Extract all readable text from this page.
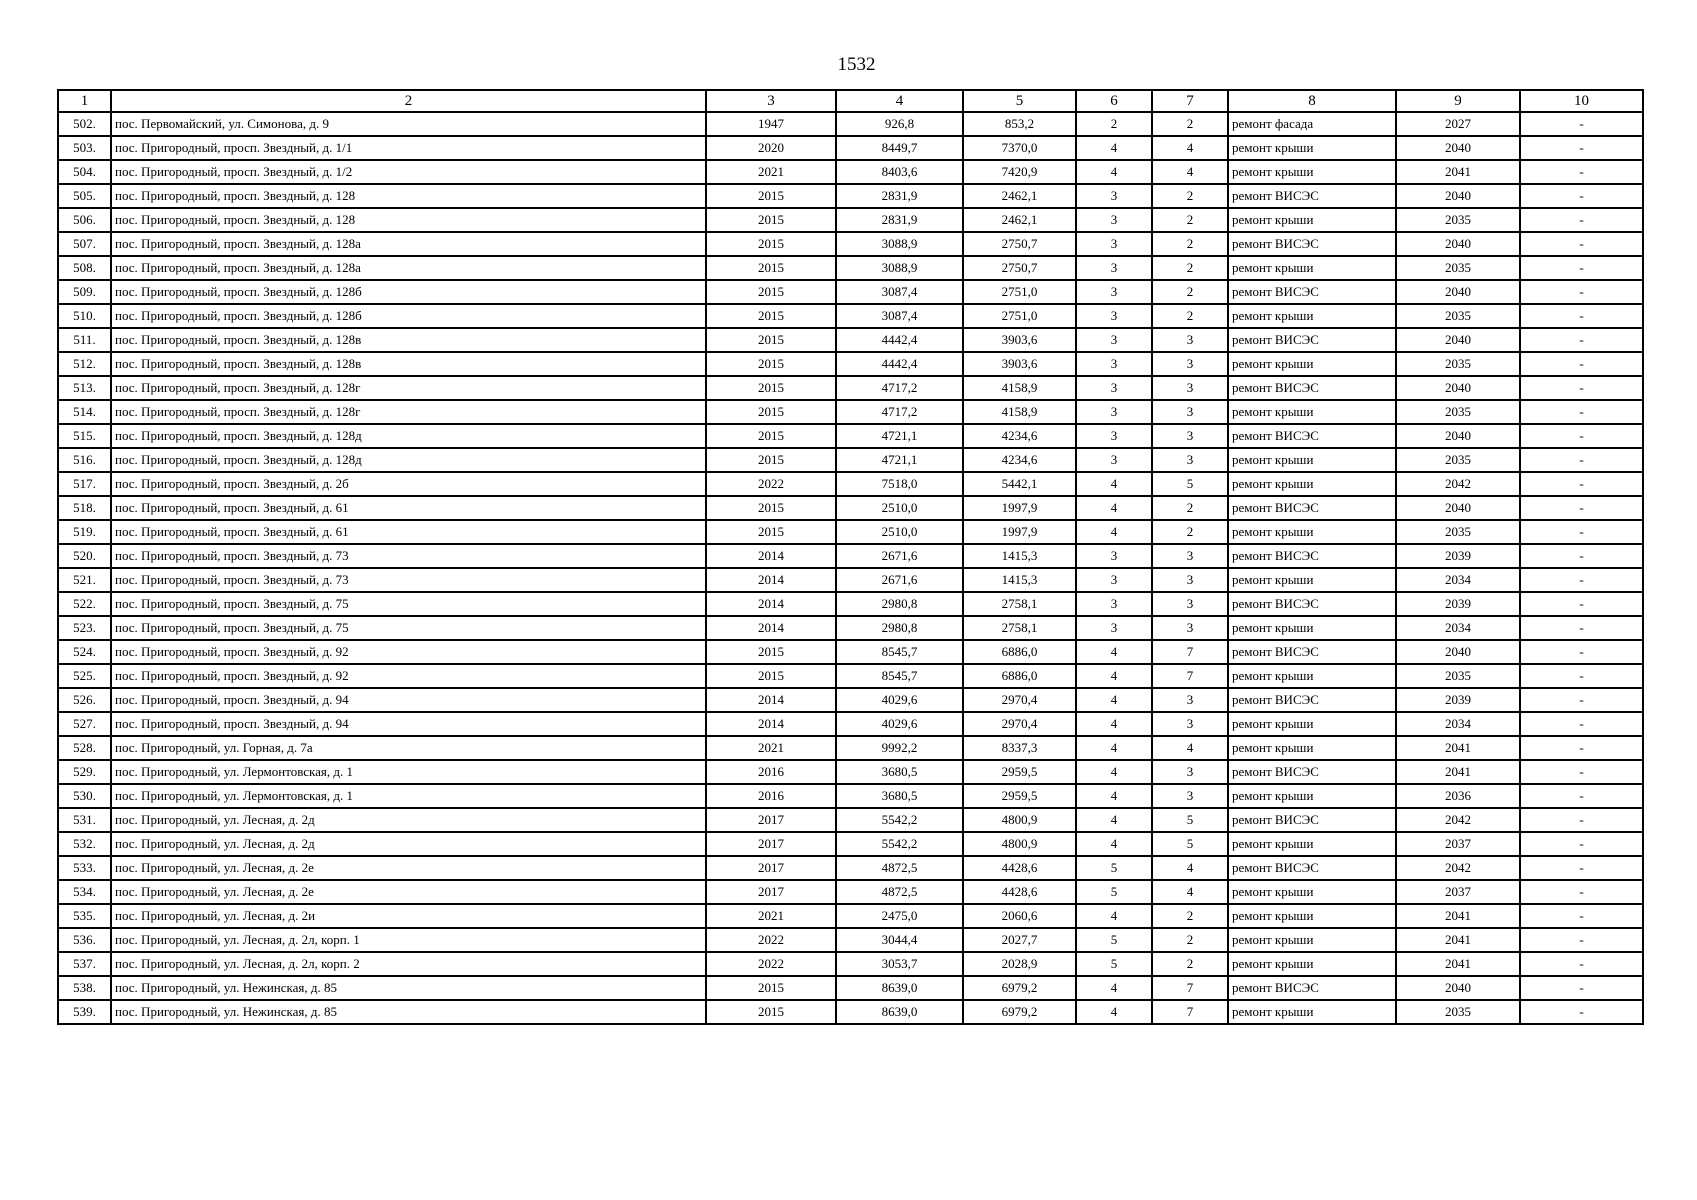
1532
1	2	3	4	5	6	7	8	9	10
502.	пос. Первомайский, ул. Симонова, д. 9	1947	926,8	853,2	2	2	ремонт фасада	2027	-
503.	пос. Пригородный, просп. Звездный, д. 1/1	2020	8449,7	7370,0	4	4	ремонт крыши	2040	-
504.	пос. Пригородный, просп. Звездный, д. 1/2	2021	8403,6	7420,9	4	4	ремонт крыши	2041	-
505.	пос. Пригородный, просп. Звездный, д. 128	2015	2831,9	2462,1	3	2	ремонт ВИСЭС	2040	-
506.	пос. Пригородный, просп. Звездный, д. 128	2015	2831,9	2462,1	3	2	ремонт крыши	2035	-
507.	пос. Пригородный, просп. Звездный, д. 128а	2015	3088,9	2750,7	3	2	ремонт ВИСЭС	2040	-
508.	пос. Пригородный, просп. Звездный, д. 128а	2015	3088,9	2750,7	3	2	ремонт крыши	2035	-
509.	пос. Пригородный, просп. Звездный, д. 128б	2015	3087,4	2751,0	3	2	ремонт ВИСЭС	2040	-
510.	пос. Пригородный, просп. Звездный, д. 128б	2015	3087,4	2751,0	3	2	ремонт крыши	2035	-
511.	пос. Пригородный, просп. Звездный, д. 128в	2015	4442,4	3903,6	3	3	ремонт ВИСЭС	2040	-
512.	пос. Пригородный, просп. Звездный, д. 128в	2015	4442,4	3903,6	3	3	ремонт крыши	2035	-
513.	пос. Пригородный, просп. Звездный, д. 128г	2015	4717,2	4158,9	3	3	ремонт ВИСЭС	2040	-
514.	пос. Пригородный, просп. Звездный, д. 128г	2015	4717,2	4158,9	3	3	ремонт крыши	2035	-
515.	пос. Пригородный, просп. Звездный, д. 128д	2015	4721,1	4234,6	3	3	ремонт ВИСЭС	2040	-
516.	пос. Пригородный, просп. Звездный, д. 128д	2015	4721,1	4234,6	3	3	ремонт крыши	2035	-
517.	пос. Пригородный, просп. Звездный, д. 2б	2022	7518,0	5442,1	4	5	ремонт крыши	2042	-
518.	пос. Пригородный, просп. Звездный, д. 61	2015	2510,0	1997,9	4	2	ремонт ВИСЭС	2040	-
519.	пос. Пригородный, просп. Звездный, д. 61	2015	2510,0	1997,9	4	2	ремонт крыши	2035	-
520.	пос. Пригородный, просп. Звездный, д. 73	2014	2671,6	1415,3	3	3	ремонт ВИСЭС	2039	-
521.	пос. Пригородный, просп. Звездный, д. 73	2014	2671,6	1415,3	3	3	ремонт крыши	2034	-
522.	пос. Пригородный, просп. Звездный, д. 75	2014	2980,8	2758,1	3	3	ремонт ВИСЭС	2039	-
523.	пос. Пригородный, просп. Звездный, д. 75	2014	2980,8	2758,1	3	3	ремонт крыши	2034	-
524.	пос. Пригородный, просп. Звездный, д. 92	2015	8545,7	6886,0	4	7	ремонт ВИСЭС	2040	-
525.	пос. Пригородный, просп. Звездный, д. 92	2015	8545,7	6886,0	4	7	ремонт крыши	2035	-
526.	пос. Пригородный, просп. Звездный, д. 94	2014	4029,6	2970,4	4	3	ремонт ВИСЭС	2039	-
527.	пос. Пригородный, просп. Звездный, д. 94	2014	4029,6	2970,4	4	3	ремонт крыши	2034	-
528.	пос. Пригородный, ул. Горная, д. 7а	2021	9992,2	8337,3	4	4	ремонт крыши	2041	-
529.	пос. Пригородный, ул. Лермонтовская, д. 1	2016	3680,5	2959,5	4	3	ремонт ВИСЭС	2041	-
530.	пос. Пригородный, ул. Лермонтовская, д. 1	2016	3680,5	2959,5	4	3	ремонт крыши	2036	-
531.	пос. Пригородный, ул. Лесная, д. 2д	2017	5542,2	4800,9	4	5	ремонт ВИСЭС	2042	-
532.	пос. Пригородный, ул. Лесная, д. 2д	2017	5542,2	4800,9	4	5	ремонт крыши	2037	-
533.	пос. Пригородный, ул. Лесная, д. 2е	2017	4872,5	4428,6	5	4	ремонт ВИСЭС	2042	-
534.	пос. Пригородный, ул. Лесная, д. 2е	2017	4872,5	4428,6	5	4	ремонт крыши	2037	-
535.	пос. Пригородный, ул. Лесная, д. 2и	2021	2475,0	2060,6	4	2	ремонт крыши	2041	-
536.	пос. Пригородный, ул. Лесная, д. 2л, корп. 1	2022	3044,4	2027,7	5	2	ремонт крыши	2041	-
537.	пос. Пригородный, ул. Лесная, д. 2л, корп. 2	2022	3053,7	2028,9	5	2	ремонт крыши	2041	-
538.	пос. Пригородный, ул. Нежинская, д. 85	2015	8639,0	6979,2	4	7	ремонт ВИСЭС	2040	-
539.	пос. Пригородный, ул. Нежинская, д. 85	2015	8639,0	6979,2	4	7	ремонт крыши	2035	-
